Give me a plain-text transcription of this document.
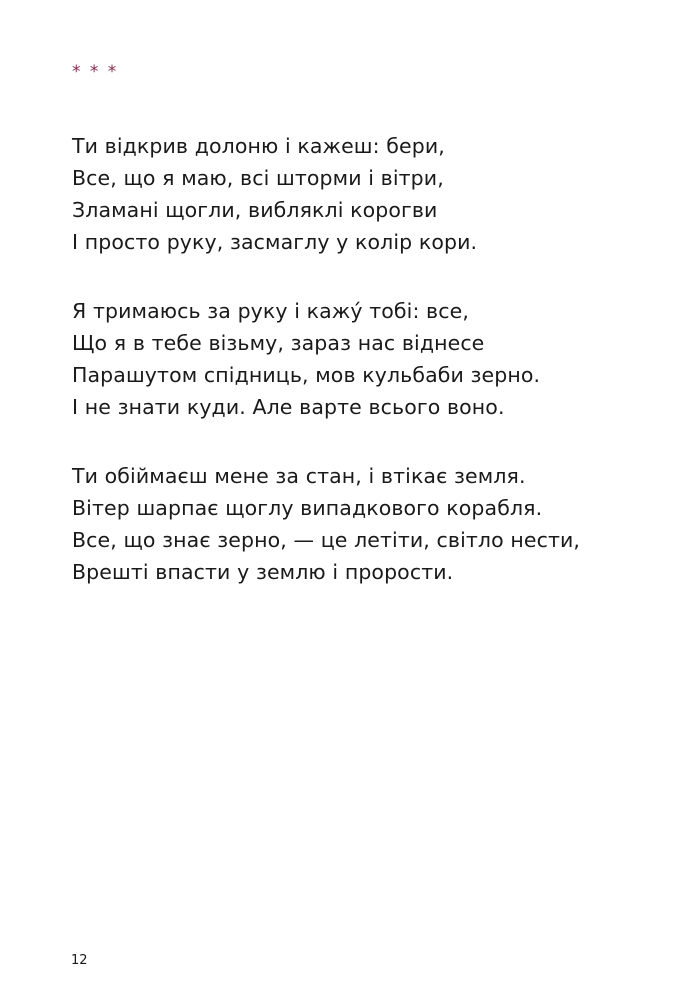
* * *
Ти відкрив долоню і кажеш: бери,
Все, що я маю, всі шторми і вітри,
Зламані щогли, вибляклі корогви
І просто руку, засмаглу у колір кори.
Я тримаюсь за руку і кажу́ тобі: все,
Що я в тебе візьму, зараз нас віднесе
Парашутом спідниць, мов кульбаби зерно.
І не знати куди. Але варте всього воно.
Ти обіймаєш мене за стан, і втікає земля.
Вітер шарпає щоглу випадкового корабля.
Все, що знає зерно, — це летіти, світло нести,
Врешті впасти у землю і прорости.
12
